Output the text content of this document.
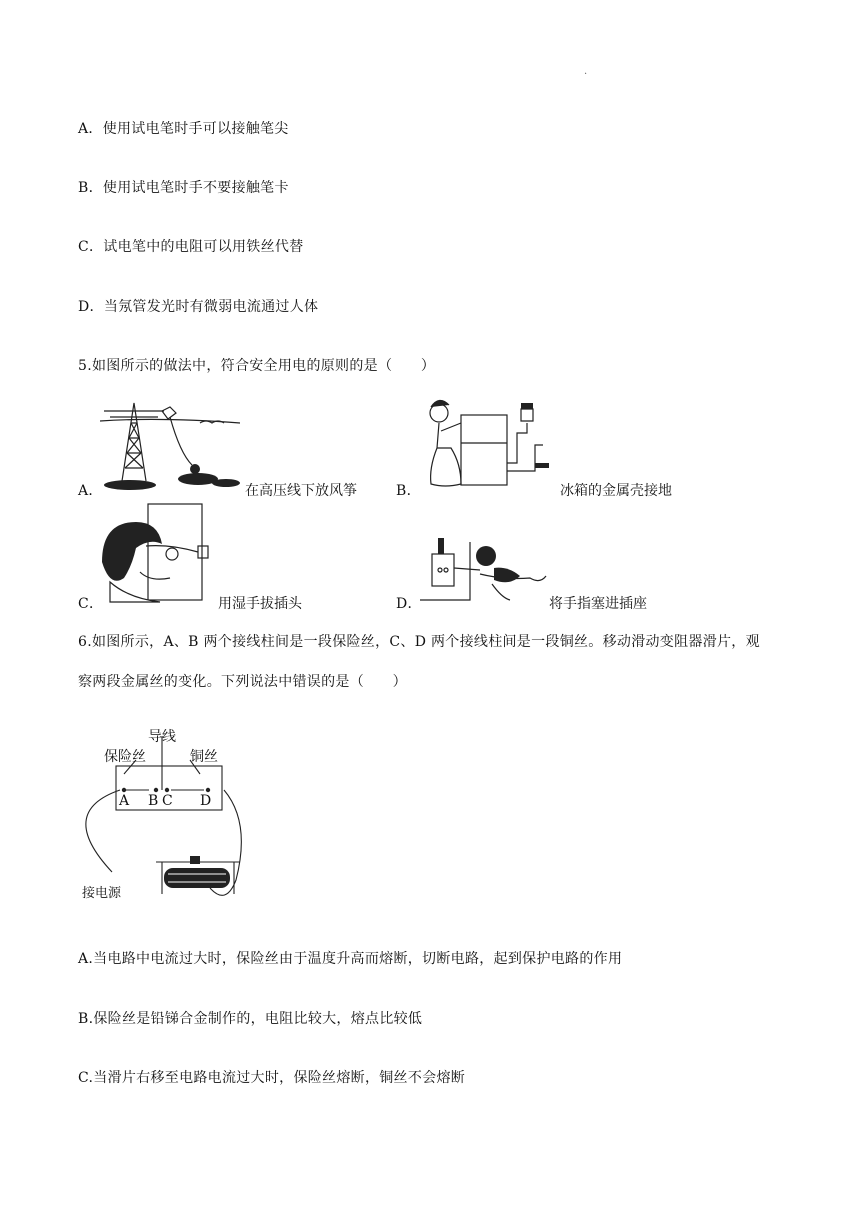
.
A．使用试电笔时手可以接触笔尖
B．使用试电笔时手不要接触笔卡
C．试电笔中的电阻可以用铁丝代替
D．当氖管发光时有微弱电流通过人体
5.如图所示的做法中，符合安全用电的原则的是（　　）
A．	在高压线下放风筝	B．	冰箱的金属壳接地
C．	用湿手拔插头	D．	将手指塞进插座
6.如图所示，A、B 两个接线柱间是一段保险丝，C、D 两个接线柱间是一段铜丝。移动滑动变阻器滑片，观
察两段金属丝的变化。下列说法中错误的是（　　）
导线
保险丝	铜丝
A B C D
接电源
A.当电路中电流过大时，保险丝由于温度升高而熔断，切断电路，起到保护电路的作用
B.保险丝是铅锑合金制作的，电阻比较大，熔点比较低
C.当滑片右移至电路电流过大时，保险丝熔断，铜丝不会熔断
